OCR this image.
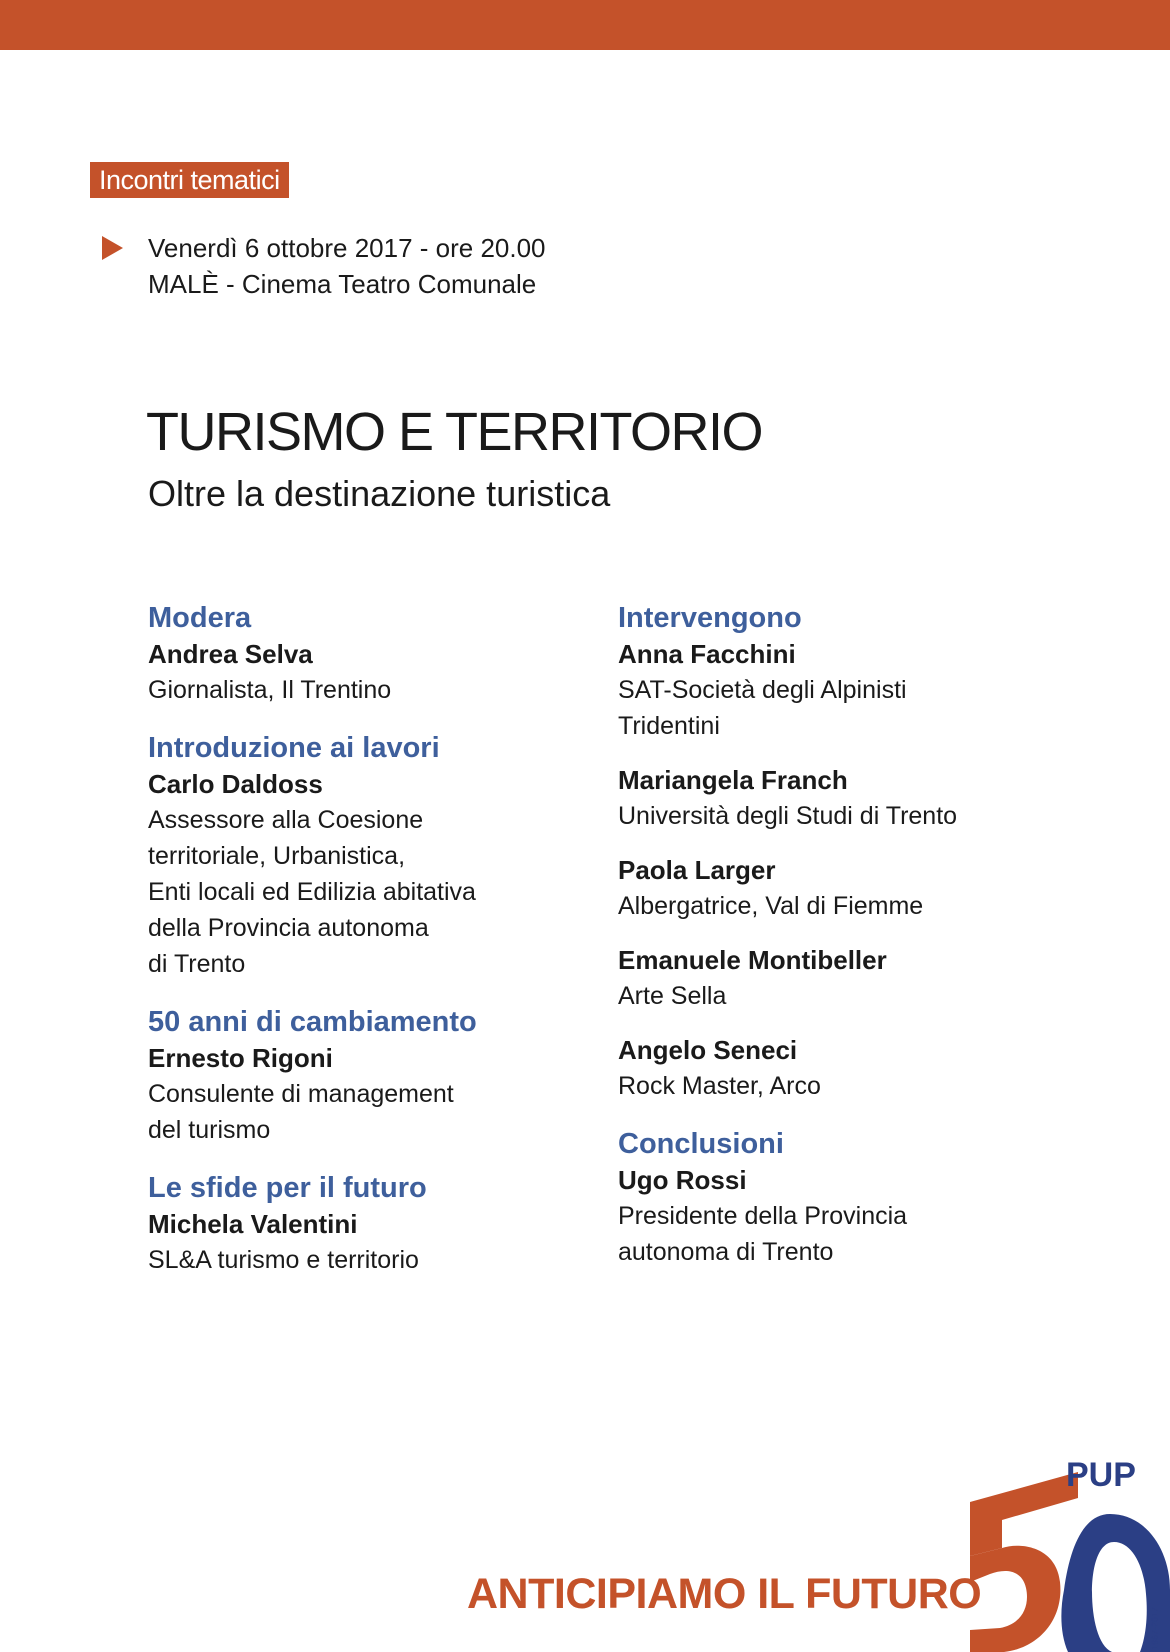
Incontri tematici
Venerdì 6 ottobre 2017 - ore 20.00
MALÈ - Cinema Teatro Comunale
TURISMO E TERRITORIO
Oltre la destinazione turistica
Modera
Andrea Selva
Giornalista, Il Trentino
Introduzione ai lavori
Carlo Daldoss
Assessore alla Coesione
territoriale, Urbanistica,
Enti locali ed Edilizia abitativa
della Provincia autonoma
di Trento
50 anni di cambiamento
Ernesto Rigoni
Consulente di management
del turismo
Le sfide per il futuro
Michela Valentini
SL&A turismo e territorio
Intervengono
Anna Facchini
SAT-Società degli Alpinisti
Tridentini
Mariangela Franch
Università degli Studi di Trento
Paola Larger
Albergatrice, Val di Fiemme
Emanuele Montibeller
Arte Sella
Angelo Seneci
Rock Master, Arco
Conclusioni
Ugo Rossi
Presidente della Provincia
autonoma di Trento
ANTICIPIAMO IL FUTURO
PUP
1967-2017
